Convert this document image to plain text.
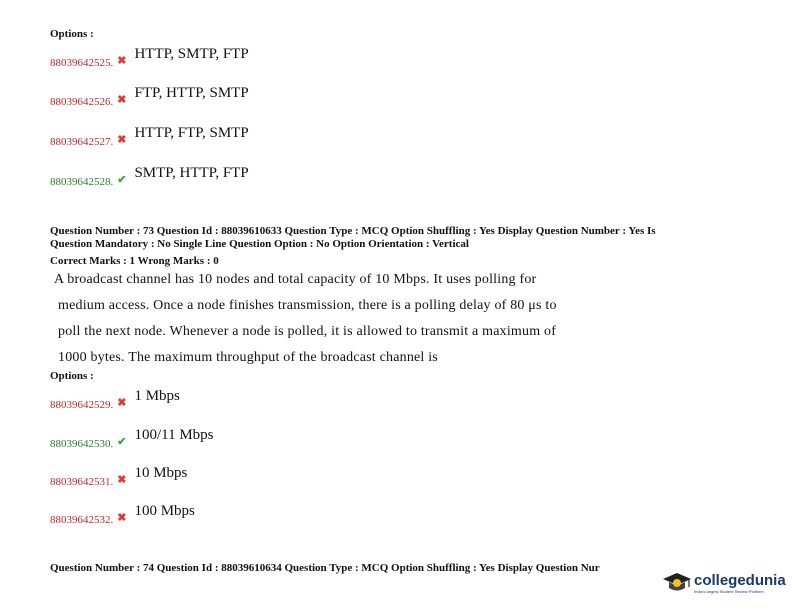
Options :
$_{88039642525.}$ $_✖$ HTTP, SMTP, FTP
$_{88039642526.}$ $_✖$ FTP, HTTP, SMTP
$_{88039642527.}$ $_✖$ HTTP, FTP, SMTP
$_{88039642528.}$ $_✔$ SMTP, HTTP, FTP
Question Number : 73 Question Id : 88039610633 Question Type : MCQ Option Shuffling : Yes Display Question Number : Yes Is
Question Mandatory : No Single Line Question Option : No Option Orientation : Vertical
Correct Marks : 1 Wrong Marks : 0
A broadcast channel has 10 nodes and total capacity of 10 Mbps. It uses polling for
medium access. Once a node finishes transmission, there is a polling delay of 80 μs to
poll the next node. Whenever a node is polled, it is allowed to transmit a maximum of
1000 bytes. The maximum throughput of the broadcast channel is
Options :
$_{88039642529.}$ $_✖$ 1 Mbps
$_{88039642530.}$ $_✔$ 100/11 Mbps
$_{88039642531.}$ $_✖$ 10 Mbps
$_{88039642532.}$ $_✖$ 100 Mbps
Question Number : 74 Question Id : 88039610634 Question Type : MCQ Option Shuffling : Yes Display Question Nur
collegedunia
India's largest Student Review Platform
